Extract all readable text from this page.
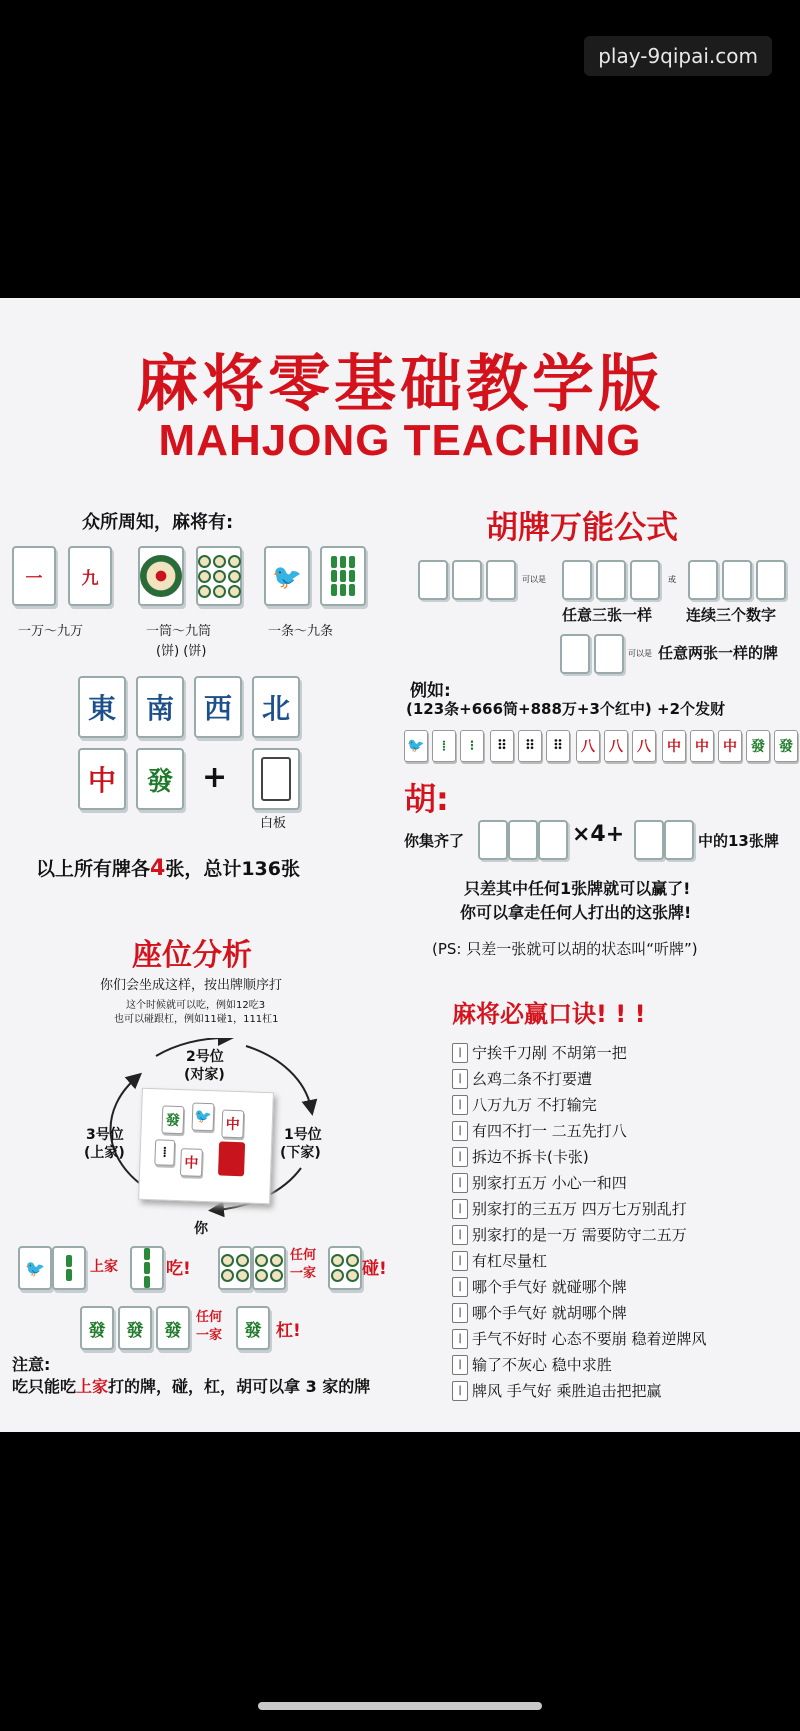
play-9qipai.com
麻将零基础教学版
MAHJONG TEACHING
众所周知，麻将有:
一	九
一万～九万	一筒～九筒
(饼) (饼)
🐦
一条～九条
東	南	西	北
中	發 +
白板
以上所有牌各4张，总计136张
座位分析
你们会坐成这样，按出牌顺序打
这个时候就可以吃，例如12吃3
也可以碰跟杠，例如11碰1，111杠1
2号位
(对家)
3号位
(上家)
1号位
(下家)
你
發 🐦 中
⁞
中
🐦	上家	吃!
任何
一家	碰!
發	發	發
任何
一家	發 杠!
注意:
吃只能吃上家打的牌，碰，杠，胡可以拿 3 家的牌
胡牌万能公式
可以是	或
任意三张一样 连续三个数字
可以是 任意两张一样的牌
例如:
(123条+666筒+888万+3个红中) +2个发财
🐦	⁞	⁝	⠿	⠿	⠿	八	八	八	中	中	中	發	發
胡:
你集齐了	×4+	中的13张牌
只差其中任何1张牌就可以赢了!
你可以拿走任何人打出的这张牌!
(PS: 只差一张就可以胡的状态叫“听牌”)
麻将必赢口诀! ! !
| 宁挨千刀剐 不胡第一把
| 幺鸡二条不打要遭
| 八万九万 不打输完
| 有四不打一 二五先打八
| 拆边不拆卡(卡张)
| 别家打五万 小心一和四
| 别家打的三五万 四万七万别乱打
| 别家打的是一万 需要防守二五万
| 有杠尽量杠
| 哪个手气好 就碰哪个牌
| 哪个手气好 就胡哪个牌
| 手气不好时 心态不要崩 稳着逆牌风
| 输了不灰心 稳中求胜
| 牌风 手气好 乘胜追击把把赢
